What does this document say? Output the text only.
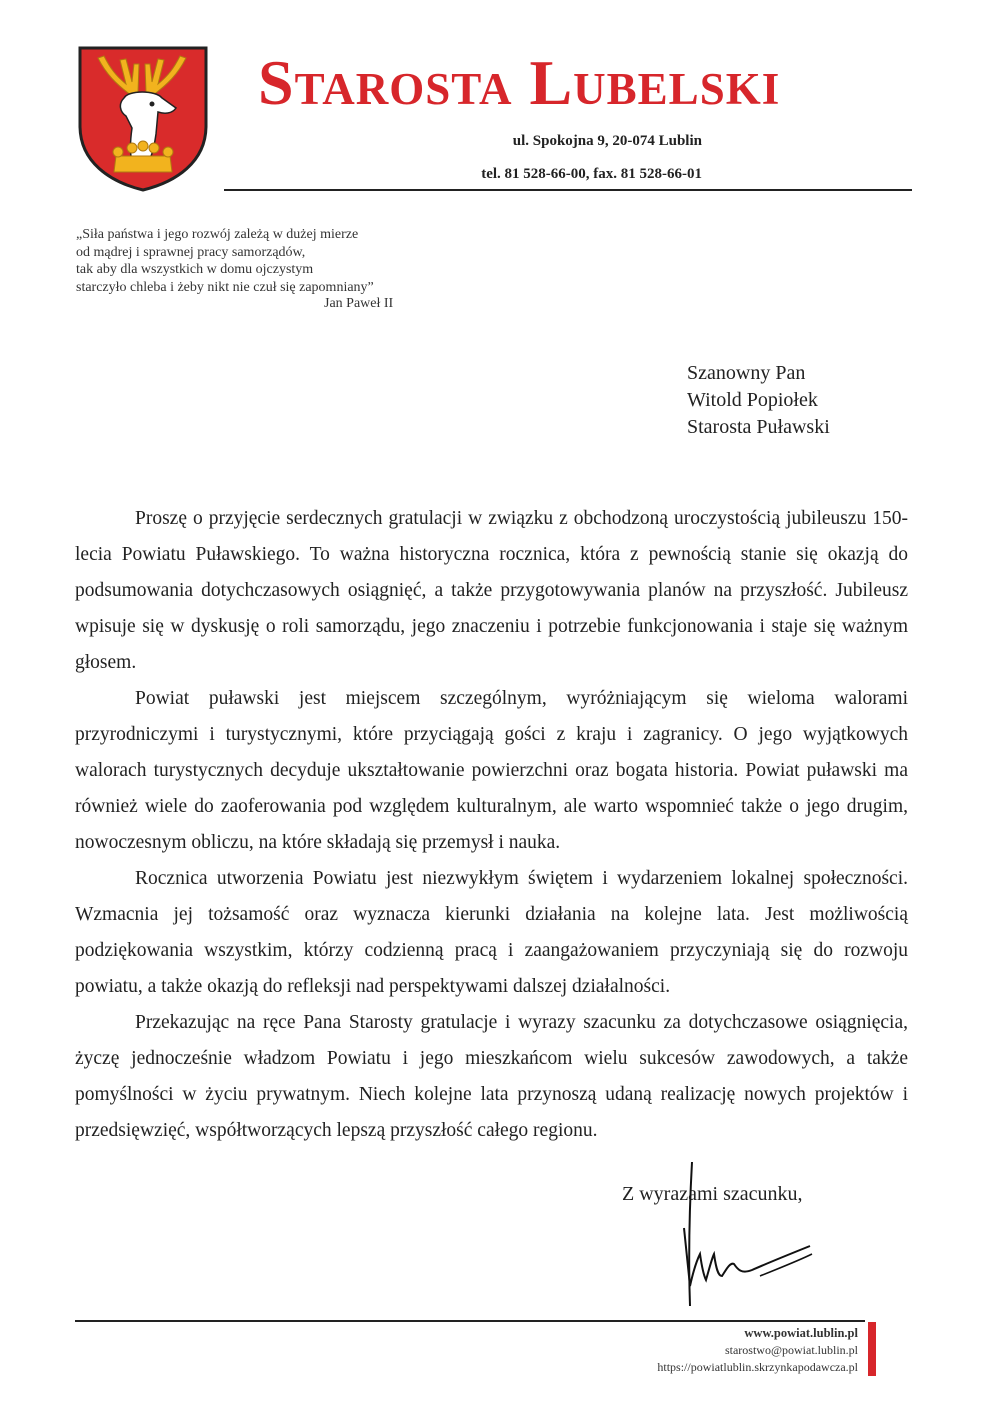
Starosta Lubelski
ul. Spokojna 9, 20-074 Lublin
tel. 81 528-66-00, fax. 81 528-66-01
„Siła państwa i jego rozwój zależą w dużej mierze
od mądrej i sprawnej pracy samorządów,
tak aby dla wszystkich w domu ojczystym
starczyło chleba i żeby nikt nie czuł się zapomniany”
Jan Paweł II
Szanowny Pan
Witold Popiołek
Starosta Puławski

Proszę o przyjęcie serdecznych gratulacji w związku z obchodzoną uroczystością jubileuszu 150- lecia Powiatu Puławskiego. To ważna historyczna rocznica, która z pewnością stanie się okazją do podsumowania dotychczasowych osiągnięć, a także przygotowywania planów na przyszłość. Jubileusz wpisuje się w dyskusję o roli samorządu, jego znaczeniu i potrzebie funkcjonowania i staje się ważnym głosem.

Powiat puławski jest miejscem szczególnym, wyróżniającym się wieloma walorami przyrodniczymi i turystycznymi, które przyciągają gości z kraju i zagranicy. O jego wyjątkowych walorach turystycznych decyduje ukształtowanie powierzchni oraz bogata historia. Powiat puławski ma również wiele do zaoferowania pod względem kulturalnym, ale warto wspomnieć także o jego drugim, nowoczesnym obliczu, na które składają się przemysł i nauka.

Rocznica utworzenia Powiatu jest niezwykłym świętem i wydarzeniem lokalnej społeczności. Wzmacnia jej tożsamość oraz wyznacza kierunki działania na kolejne lata. Jest możliwością podziękowania wszystkim, którzy codzienną pracą i zaangażowaniem przyczyniają się do rozwoju powiatu, a także okazją do refleksji nad perspektywami dalszej działalności.

Przekazując na ręce Pana Starosty gratulacje i wyrazy szacunku za dotychczasowe osiągnięcia, życzę jednocześnie władzom Powiatu i jego mieszkańcom wielu sukcesów zawodowych, a także pomyślności w życiu prywatnym. Niech kolejne lata przynoszą udaną realizację nowych projektów i przedsięwzięć, współtworzących lepszą przyszłość całego regionu.

Z wyrazami szacunku,
www.powiat.lublin.pl
starostwo@powiat.lublin.pl
https://powiatlublin.skrzynkapodawcza.pl
